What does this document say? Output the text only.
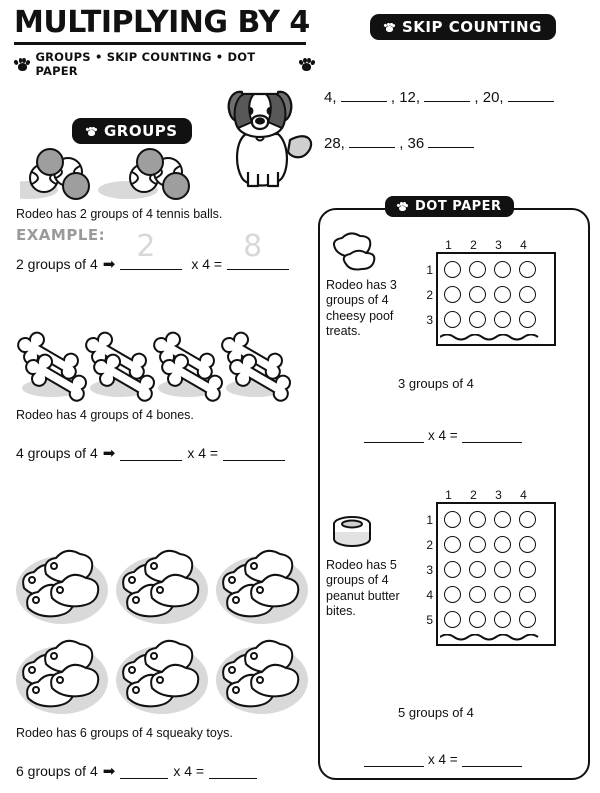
MULTIPLYING BY 4
GROUPS • SKIP COUNTING • DOT PAPER
GROUPS
Rodeo has 2 groups of 4 tennis balls.
EXAMPLE:
2 groups of 4 ➡
2	x 4 = 8
Rodeo has 4 groups of 4 bones.
4 groups of 4 ➡	x 4 =
Rodeo has 6 groups of 4 squeaky toys.
6 groups of 4 ➡	x 4 =
SKIP COUNTING
4,	, 12,	, 20,
28,	, 36
DOT PAPER
Rodeo has 3 groups of 4 cheesy poof treats.
1	2	3	4
1
2
3

3 groups of 4
x 4 =
Rodeo has 5 groups of 4 peanut butter bites.
1	2	3	4
1
2
3
4
5

5 groups of 4
x 4 =
